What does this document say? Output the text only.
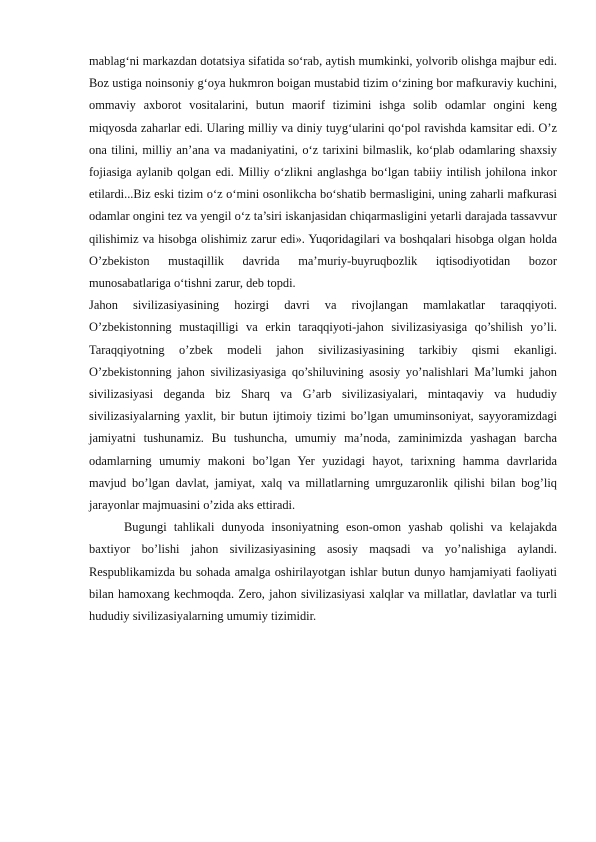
mablag‘ni markazdan dotatsiya sifatida so‘rab, aytish mumkinki, yolvorib olishga majbur edi. Boz ustiga noinsoniy g‘oya hukmron boigan mustabid tizim o‘zining bor mafkuraviy kuchini, ommaviy axborot vositalarini, butun maorif tizimini ishga solib odamlar ongini keng miqyosda zaharlar edi. Ularing milliy va diniy tuyg‘ularini qo‘pol ravishda kamsitar edi. O’z ona tilini, milliy an’ana va madaniyatini, o‘z tarixini bilmaslik, ko‘plab odamlaring shaxsiy fojiasiga aylanib qolgan edi. Milliy o‘zlikni anglashga bo‘lgan tabiiy intilish johilona inkor etilardi...Biz eski tizim o‘z o‘mini osonlikcha bo‘shatib bermasligini, uning zaharli mafkurasi odamlar ongini tez va yengil o‘z ta’siri iskanjasidan chiqarmasligini yetarli darajada tassavvur qilishimiz va hisobga olishimiz zarur edi». Yuqoridagilari va boshqalari hisobga olgan holda O’zbekiston mustaqillik davrida ma’muriy-buyruqbozlik iqtisodiyotidan bozor munosabatlariga o‘tishni zarur, deb topdi.

Jahon sivilizasiyasining hozirgi davri va rivojlangan mamlakatlar taraqqiyoti. O’zbekistonning mustaqilligi va erkin taraqqiyoti-jahon sivilizasiyasiga qo’shilish yo’li. Taraqqiyotning o’zbek modeli jahon sivilizasiyasining tarkibiy qismi ekanligi. O’zbekistonning jahon sivilizasiyasiga qo’shiluvining asosiy yo’nalishlari Ma’lumki jahon sivilizasiyasi deganda biz Sharq va G’arb sivilizasiyalari, mintaqaviy va hududiy sivilizasiyalarning yaxlit, bir butun ijtimoiy tizimi bo’lgan umuminsoniyat, sayyoramizdagi jamiyatni tushunamiz. Bu tushuncha, umumiy ma’noda, zaminimizda yashagan barcha odamlarning umumiy makoni bo’lgan Yer yuzidagi hayot, tarixning hamma davrlarida mavjud bo’lgan davlat, jamiyat, xalq va millatlarning umrguzaronlik qilishi bilan bog’liq jarayonlar majmuasini o’zida aks ettiradi.

Bugungi tahlikali dunyoda insoniyatning eson-omon yashab qolishi va kelajakda baxtiyor bo’lishi jahon sivilizasiyasining asosiy maqsadi va yo’nalishiga aylandi. Respublikamizda bu sohada amalga oshirilayotgan ishlar butun dunyo hamjamiyati faoliyati bilan hamoxang kechmoqda. Zero, jahon sivilizasiyasi xalqlar va millatlar, davlatlar va turli hududiy sivilizasiyalarning umumiy tizimidir.
